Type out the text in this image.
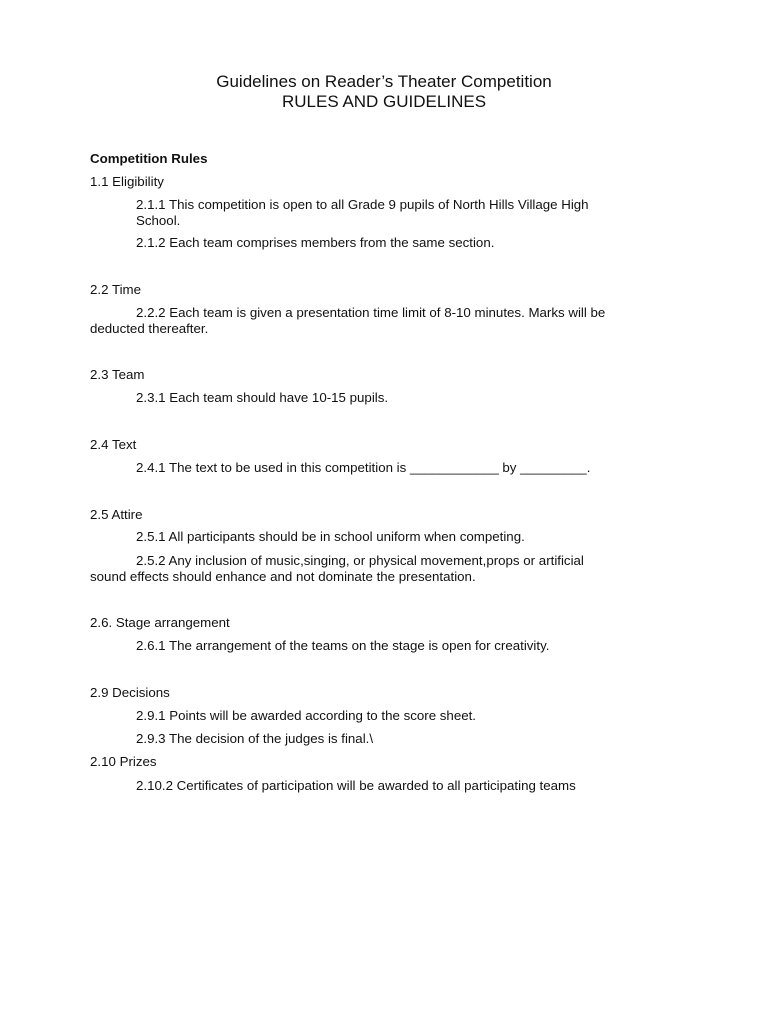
Guidelines on Reader’s Theater Competition
RULES AND GUIDELINES
Competition Rules
1.1 Eligibility
2.1.1 This competition is open to all Grade 9 pupils of North Hills Village High
School.
2.1.2 Each team comprises members from the same section.
2.2 Time
2.2.2 Each team is given a presentation time limit of 8-10 minutes. Marks will be
deducted thereafter.
2.3 Team
2.3.1 Each team should have 10-15 pupils.
2.4 Text
2.4.1 The text to be used in this competition is ____________ by _________.
2.5 Attire
2.5.1 All participants should be in school uniform when competing.
2.5.2 Any inclusion of music,singing, or physical movement,props or artificial
sound effects should enhance and not dominate the presentation.
2.6. Stage arrangement
2.6.1 The arrangement of the teams on the stage is open for creativity.
2.9 Decisions
2.9.1 Points will be awarded according to the score sheet.
2.9.3 The decision of the judges is final.\
2.10 Prizes
2.10.2 Certificates of participation will be awarded to all participating teams
